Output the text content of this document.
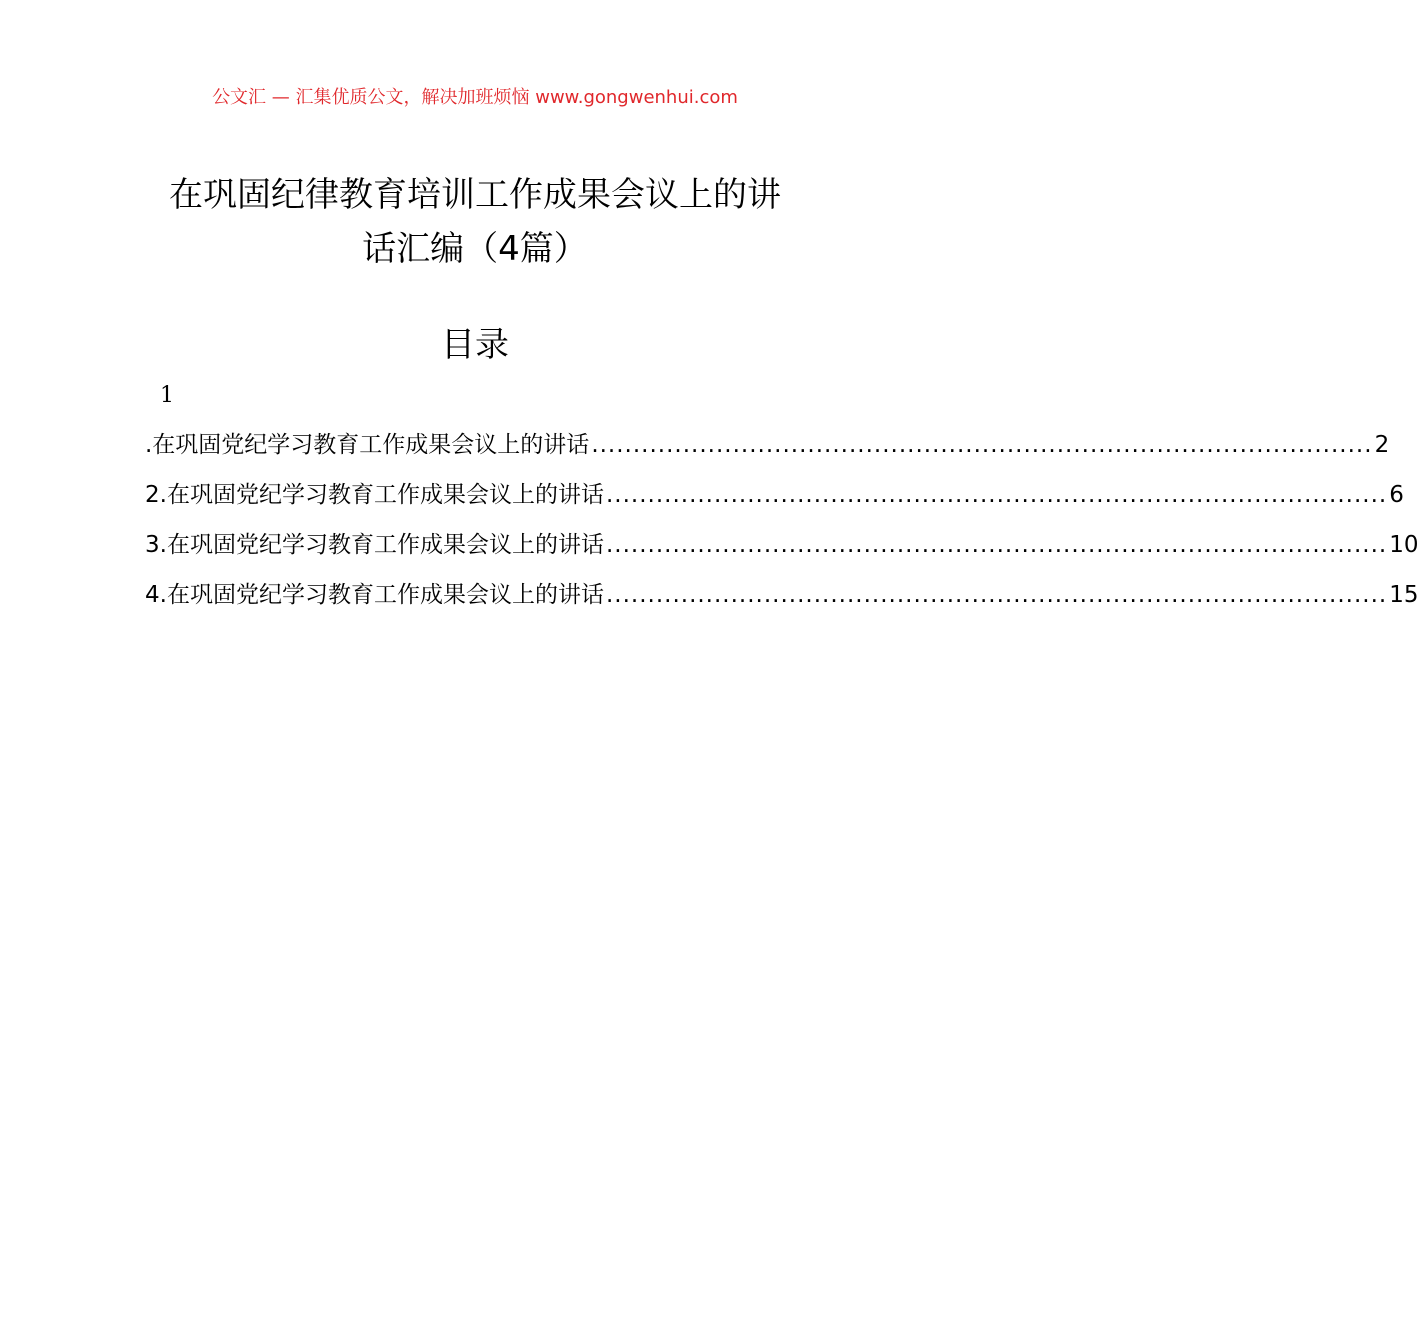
公文汇 — 汇集优质公文，解决加班烦恼 www.gongwenhui.com
在巩固纪律教育培训工作成果会议上的讲
话汇编（4篇）
目录
1
.在巩固党纪学习教育工作成果会议上的讲话 .............................................................................................. 2
2.在巩固党纪学习教育工作成果会议上的讲话 .............................................................................................. 6
3.在巩固党纪学习教育工作成果会议上的讲话 .............................................................................................. 10
4.在巩固党纪学习教育工作成果会议上的讲话 .............................................................................................. 15
